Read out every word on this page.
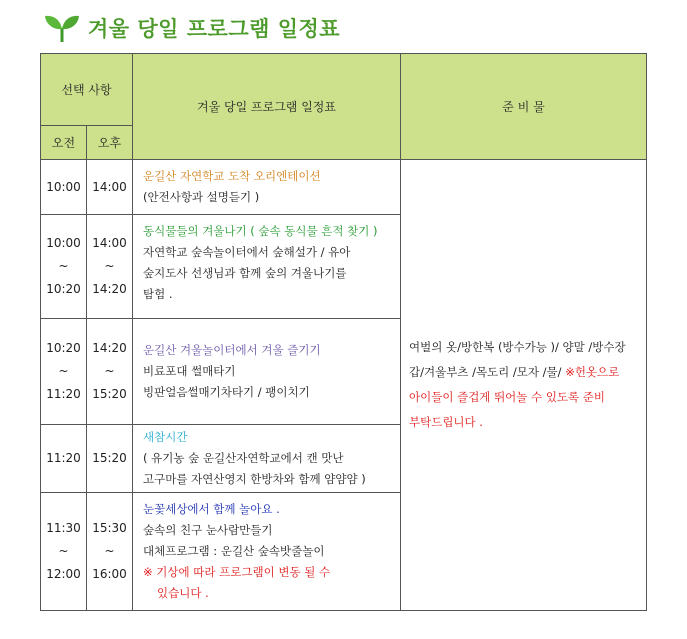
겨울 당일 프로그램 일정표
선택 사항		겨울 당일 프로그램 일정표	준 비 물
오전	오후		
10:00	14:00	운길산 자연학교 도착 오리엔테이션
(안전사항과 설명듣기 )	여벌의 옷/방한복 (방수가능 )/ 양말 /방수장
갑/겨울부츠 /목도리 /모자 /물/ ※헌옷으로
아이들이 즐겁게 뛰어놀 수 있도록 준비
부탁드립니다 .

10:00
~
10:20	14:00
~
14:20	동식물들의 겨울나기 ( 숲속 동식물 흔적 찾기 )
자연학교 숲속놀이터에서 숲해설가 / 유아
숲지도사 선생님과 함께 숲의 겨울나기를
탐험 .	

10:20
~
11:20	14:20
~
15:20	운길산 겨울놀이터에서 겨울 즐기기
비료포대 썰매타기
빙판얼음썰매기차타기 / 팽이치기	

11:20	15:20	새참시간
( 유기농 숲 운길산자연학교에서 캔 맛난
고구마를 자연산영지 한방차와 함께 얌얌얌 )	

11:30
~
12:00	15:30
~
16:00	눈꽃세상에서 함께 놀아요 .
숲속의 친구 눈사람만들기
대체프로그램 : 운길산 숲속밧줄놀이
※ 기상에 따라 프로그램이 변동 될 수
있습니다 .	
